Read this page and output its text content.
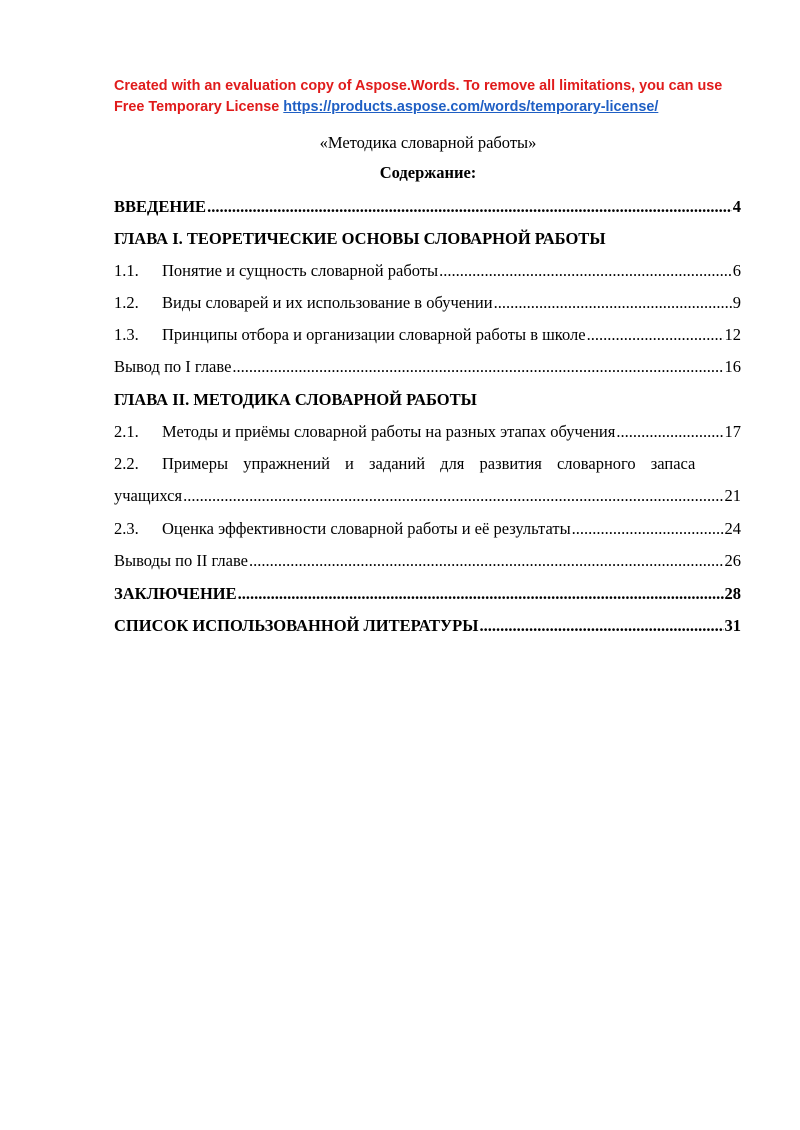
Created with an evaluation copy of Aspose.Words. To remove all limitations, you can use
Free Temporary License https://products.aspose.com/words/temporary-license/
«Методика словарной работы»
Содержание:
ВВЕДЕНИЕ .....	4
ГЛАВА I. ТЕОРЕТИЧЕСКИЕ ОСНОВЫ СЛОВАРНОЙ РАБОТЫ
1.1.	Понятие и сущность словарной работы .....	6
1.2.	Виды словарей и их использование в обучении .....	9
1.3.	Принципы отбора и организации словарной работы в школе .....	12
Вывод по I главе .....	16
ГЛАВА II. МЕТОДИКА СЛОВАРНОЙ РАБОТЫ
2.1.	Методы и приёмы словарной работы на разных этапах обучения .....	17
2.2.	Примеры упражнений и заданий для развития словарного запаса
учащихся .....	21
2.3.	Оценка эффективности словарной работы и её результаты .....	24
Выводы по II главе .....	26
ЗАКЛЮЧЕНИЕ .....	28
СПИСОК ИСПОЛЬЗОВАННОЙ ЛИТЕРАТУРЫ .....	31
